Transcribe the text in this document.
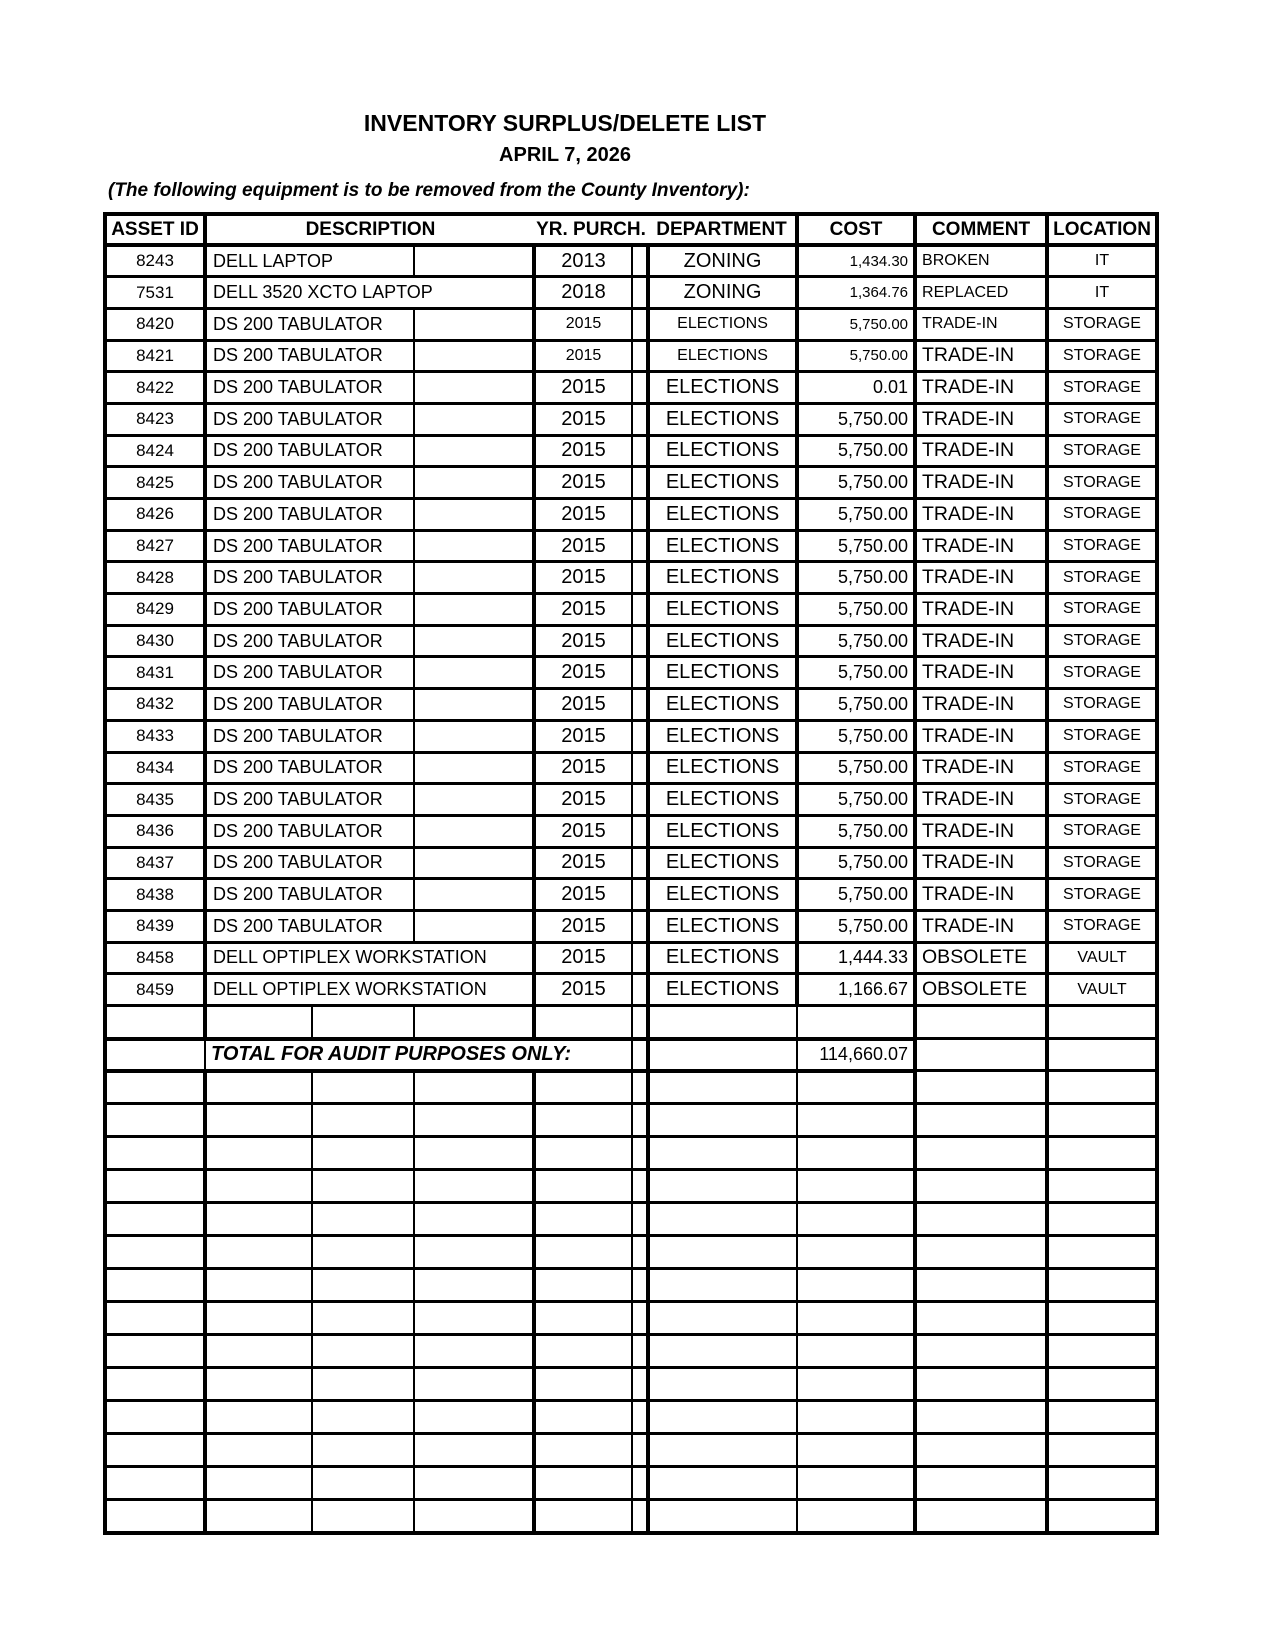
INVENTORY SURPLUS/DELETE LIST
APRIL 7, 2026
(The following equipment is to be removed from the County Inventory):
ASSET ID	DESCRIPTION			YR. PURCH.		DEPARTMENT	COST	COMMENT	LOCATION
8243	DELL LAPTOP			2013		ZONING	1,434.30	BROKEN	IT
7531	DELL 3520 XCTO LAPTOP			2018		ZONING	1,364.76	REPLACED	IT
8420	DS 200 TABULATOR			2015		ELECTIONS	5,750.00	TRADE-IN	STORAGE
8421	DS 200 TABULATOR			2015		ELECTIONS	5,750.00	TRADE-IN	STORAGE
8422	DS 200 TABULATOR			2015		ELECTIONS	0.01	TRADE-IN	STORAGE
8423	DS 200 TABULATOR			2015		ELECTIONS	5,750.00	TRADE-IN	STORAGE
8424	DS 200 TABULATOR			2015		ELECTIONS	5,750.00	TRADE-IN	STORAGE
8425	DS 200 TABULATOR			2015		ELECTIONS	5,750.00	TRADE-IN	STORAGE
8426	DS 200 TABULATOR			2015		ELECTIONS	5,750.00	TRADE-IN	STORAGE
8427	DS 200 TABULATOR			2015		ELECTIONS	5,750.00	TRADE-IN	STORAGE
8428	DS 200 TABULATOR			2015		ELECTIONS	5,750.00	TRADE-IN	STORAGE
8429	DS 200 TABULATOR			2015		ELECTIONS	5,750.00	TRADE-IN	STORAGE
8430	DS 200 TABULATOR			2015		ELECTIONS	5,750.00	TRADE-IN	STORAGE
8431	DS 200 TABULATOR			2015		ELECTIONS	5,750.00	TRADE-IN	STORAGE
8432	DS 200 TABULATOR			2015		ELECTIONS	5,750.00	TRADE-IN	STORAGE
8433	DS 200 TABULATOR			2015		ELECTIONS	5,750.00	TRADE-IN	STORAGE
8434	DS 200 TABULATOR			2015		ELECTIONS	5,750.00	TRADE-IN	STORAGE
8435	DS 200 TABULATOR			2015		ELECTIONS	5,750.00	TRADE-IN	STORAGE
8436	DS 200 TABULATOR			2015		ELECTIONS	5,750.00	TRADE-IN	STORAGE
8437	DS 200 TABULATOR			2015		ELECTIONS	5,750.00	TRADE-IN	STORAGE
8438	DS 200 TABULATOR			2015		ELECTIONS	5,750.00	TRADE-IN	STORAGE
8439	DS 200 TABULATOR			2015		ELECTIONS	5,750.00	TRADE-IN	STORAGE
8458	DELL OPTIPLEX WORKSTATION			2015		ELECTIONS	1,444.33	OBSOLETE	VAULT
8459	DELL OPTIPLEX WORKSTATION			2015		ELECTIONS	1,166.67	OBSOLETE	VAULT

	TOTAL FOR AUDIT PURPOSES ONLY:						114,660.07		
